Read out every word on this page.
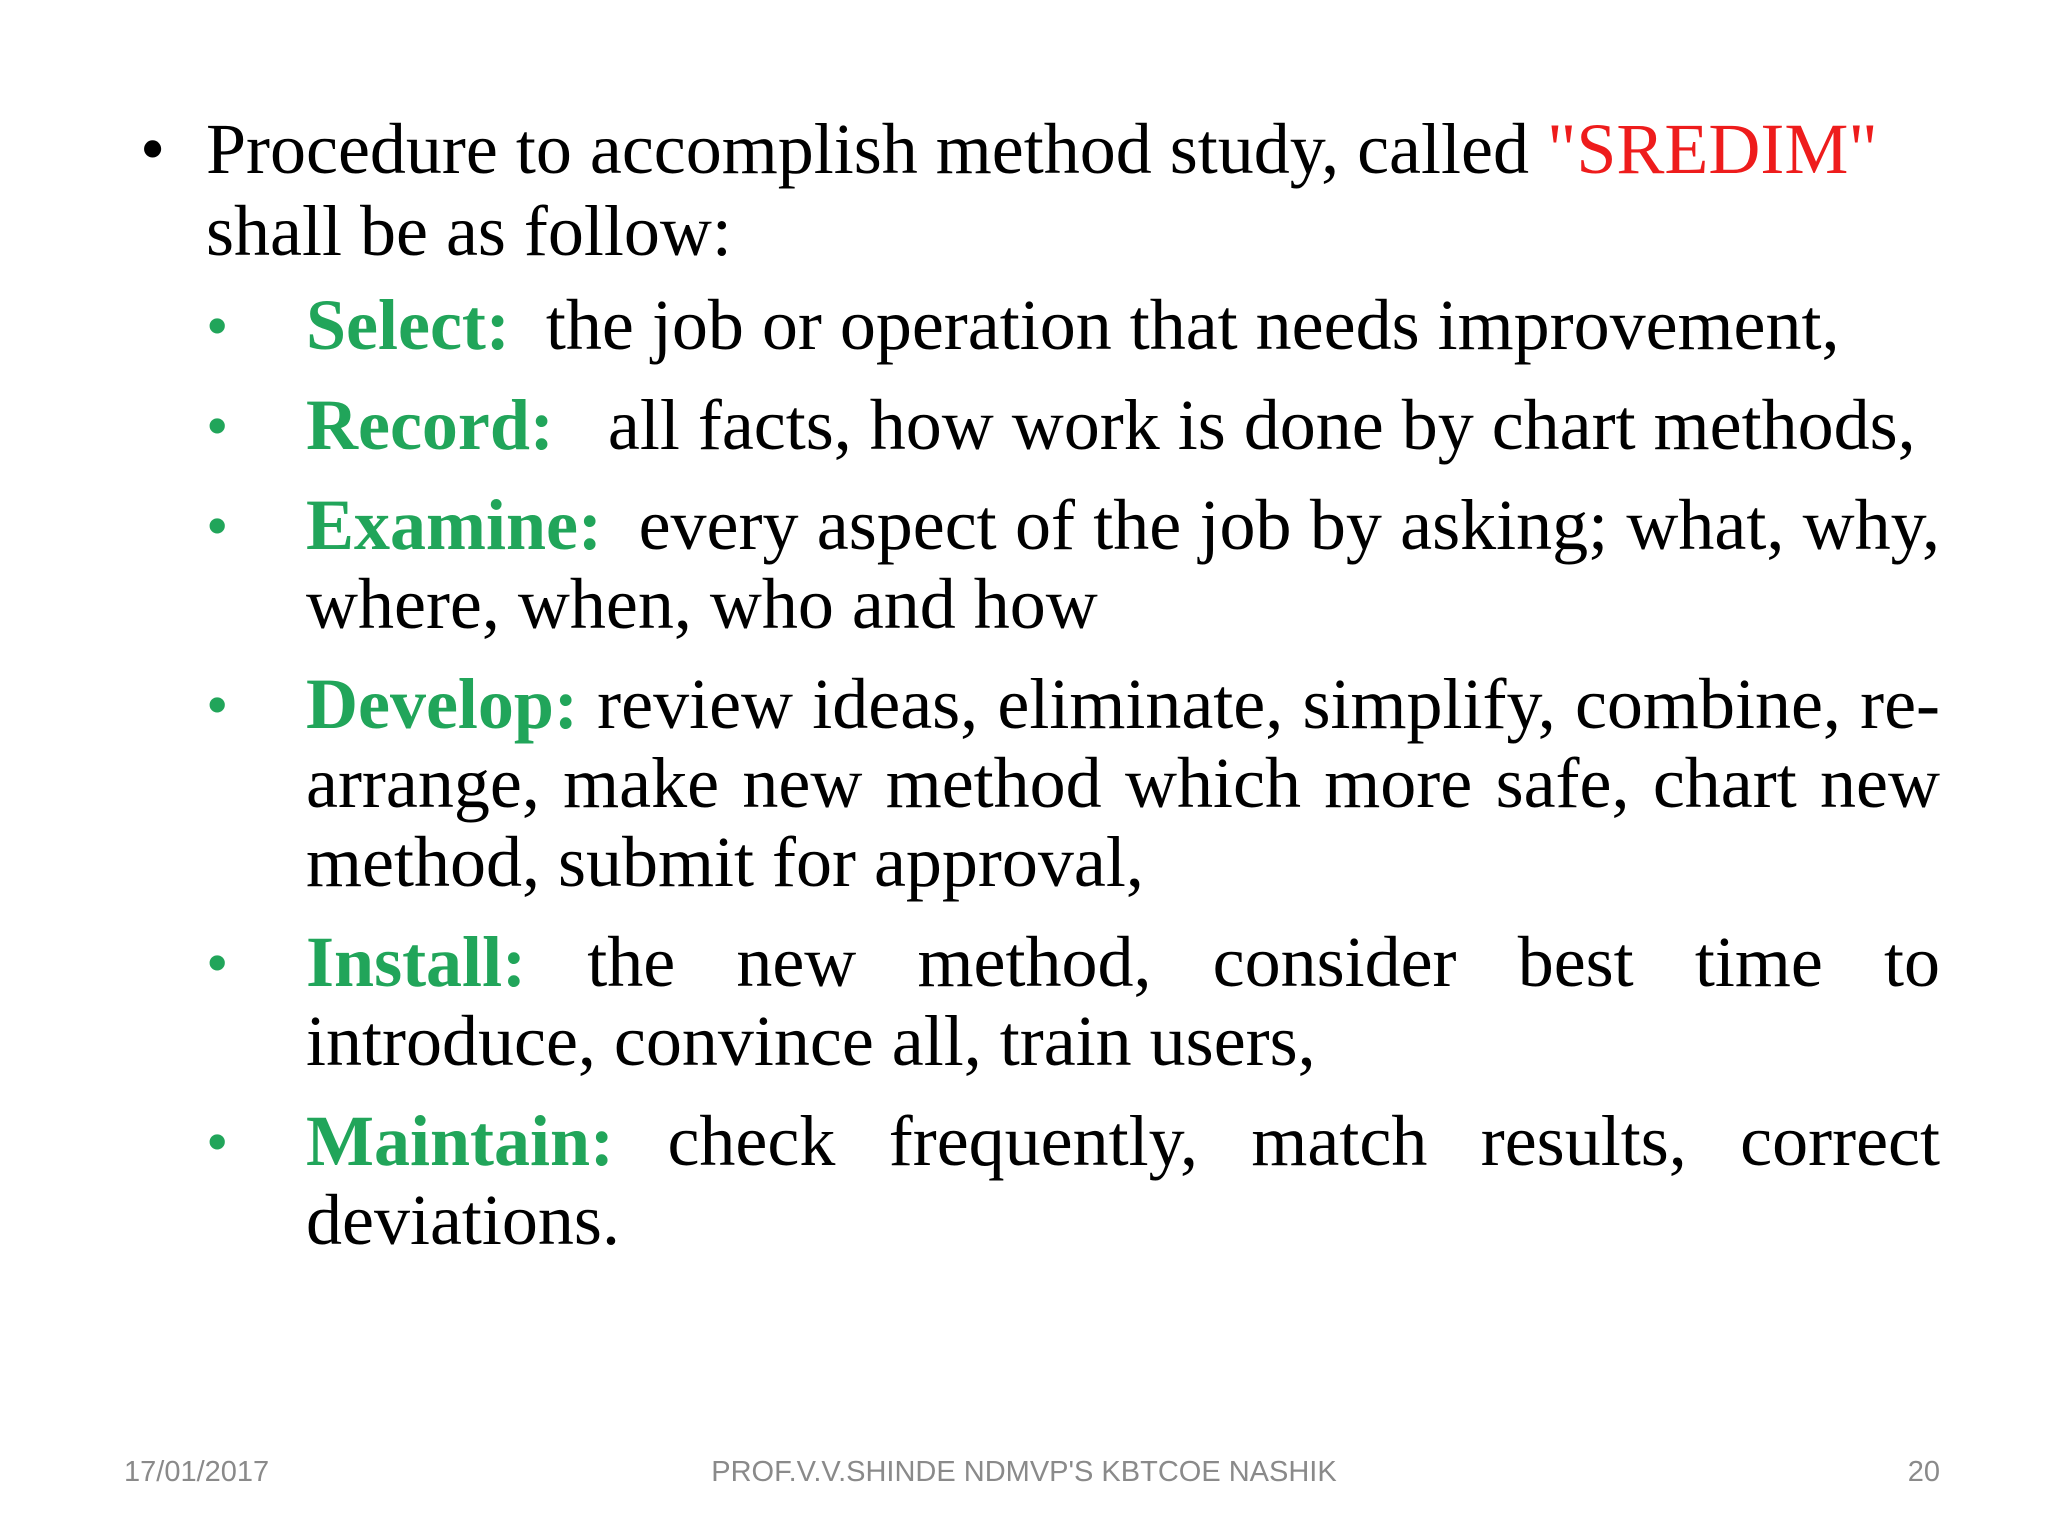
• Procedure to accomplish method study, called "SREDIM" shall be as follow:
• Select: the job or operation that needs improvement,
• Record: all facts, how work is done by chart methods,
• Examine: every aspect of the job by asking; what, why, where, when, who and how
• Develop: review ideas, eliminate, simplify, combine, re-arrange, make new method which more safe, chart new method, submit for approval,
• Install: the new method, consider best time to introduce, convince all, train users,
• Maintain: check frequently, match results, correct deviations.
17/01/2017	PROF.V.V.SHINDE NDMVP'S KBTCOE NASHIK	20
